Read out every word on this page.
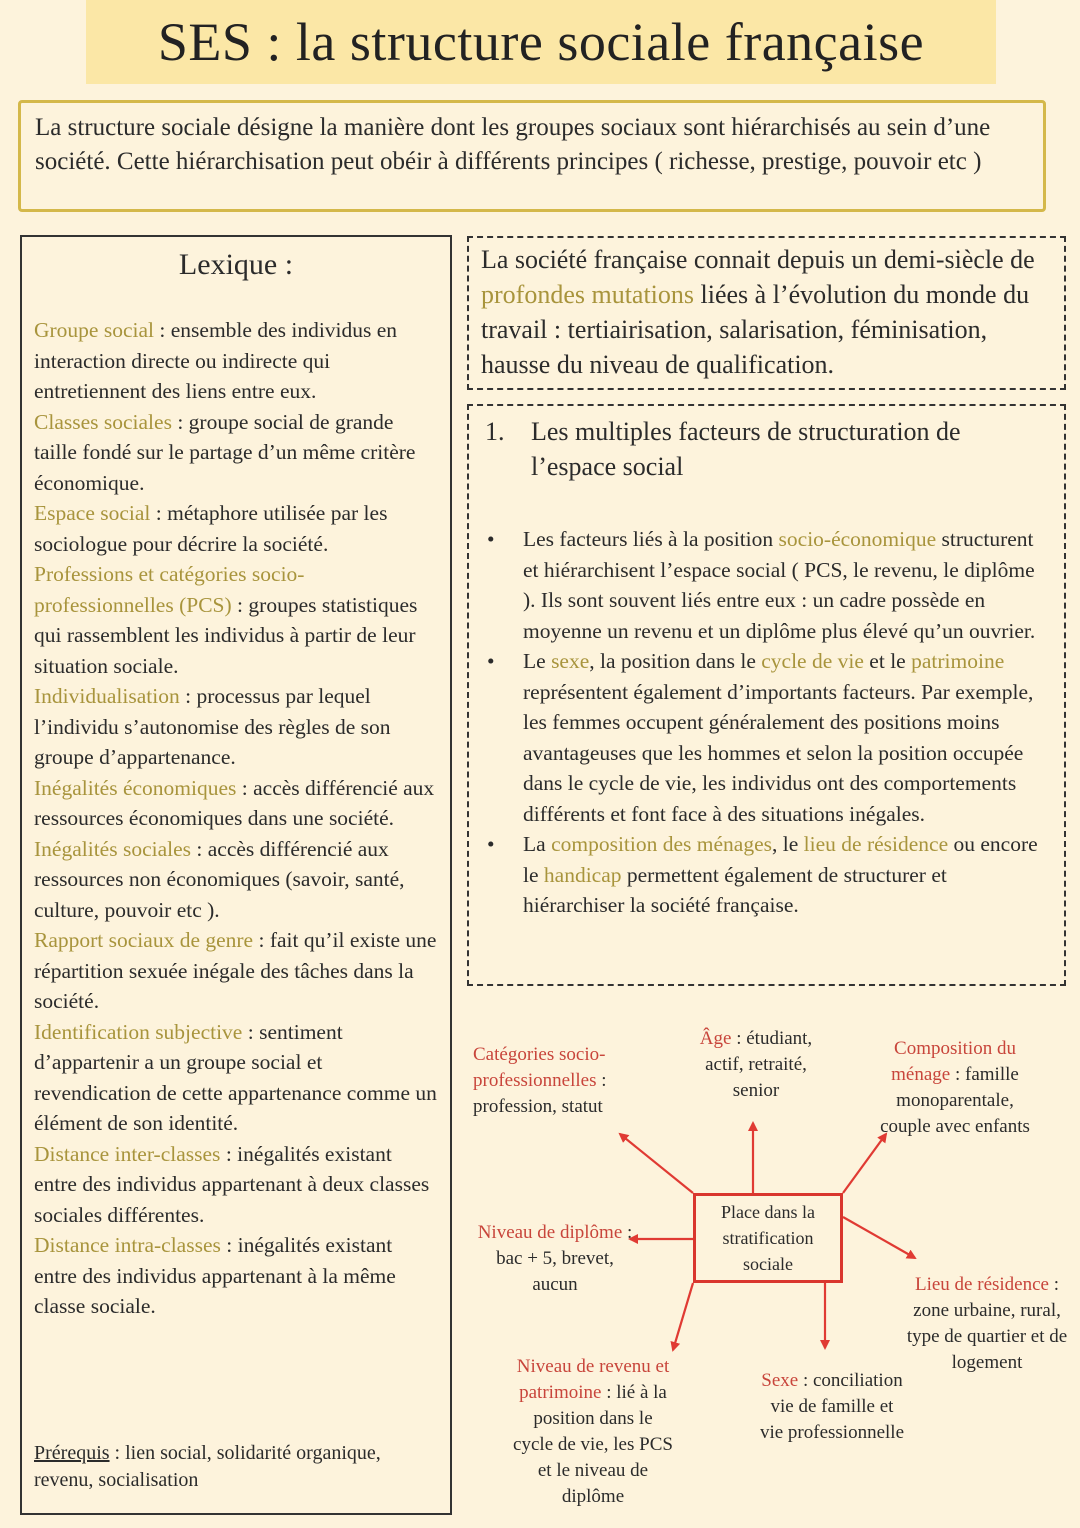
SES : la structure sociale française
La structure sociale désigne la manière dont les groupes sociaux sont hiérarchisés au sein d’une société. Cette hiérarchisation peut obéir à différents principes ( richesse, prestige, pouvoir etc )
Lexique :

Groupe social : ensemble des individus en interaction directe ou indirecte qui entretiennent des liens entre eux.

Classes sociales : groupe social de grande taille fondé sur le partage d’un même critère économique.

Espace social : métaphore utilisée par les sociologue pour décrire la société.

Professions et catégories socio-professionnelles (PCS) : groupes statistiques qui rassemblent les individus à partir de leur situation sociale.

Individualisation : processus par lequel l’individu s’autonomise des règles de son groupe d’appartenance.

Inégalités économiques : accès différencié aux ressources économiques dans une société.

Inégalités sociales : accès différencié aux ressources non économiques (savoir, santé, culture, pouvoir etc ).

Rapport sociaux de genre : fait qu’il existe une répartition sexuée inégale des tâches dans la société.

Identification subjective : sentiment d’appartenir a un groupe social et revendication de cette appartenance comme un élément de son identité.

Distance inter-classes : inégalités existant entre des individus appartenant à deux classes sociales différentes.

Distance intra-classes : inégalités existant entre des individus appartenant à la même classe sociale.

Prérequis : lien social, solidarité organique, revenu, socialisation
La société française connait depuis un demi-siècle de profondes mutations liées à l’évolution du monde du travail : tertiairisation, salarisation, féminisation, hausse du niveau de qualification.
1.	Les multiples facteurs de structuration de l’espace social
• Les facteurs liés à la position socio-économique structurent et hiérarchisent l’espace social ( PCS, le revenu, le diplôme ). Ils sont souvent liés entre eux : un cadre possède en moyenne un revenu et un diplôme plus élevé qu’un ouvrier.
• Le sexe, la position dans le cycle de vie et le patrimoine représentent également d’importants facteurs. Par exemple, les femmes occupent généralement des positions moins avantageuses que les hommes et selon la position occupée dans le cycle de vie, les individus ont des comportements différents et font face à des situations inégales.
• La composition des ménages, le lieu de résidence ou encore le handicap permettent également de structurer et hiérarchiser la société française.
Place dans la stratification sociale
Catégories socio-professionnelles : profession, statut
Âge : étudiant, actif, retraité, senior
Composition du ménage : famille monoparentale, couple avec enfants
Niveau de diplôme : bac + 5, brevet, aucun	Lieu de résidence : zone urbaine, rural, type de quartier et de logement
Niveau de revenu et patrimoine : lié à la position dans le cycle de vie, les PCS et le niveau de diplôme
Sexe : conciliation vie de famille et vie professionnelle
